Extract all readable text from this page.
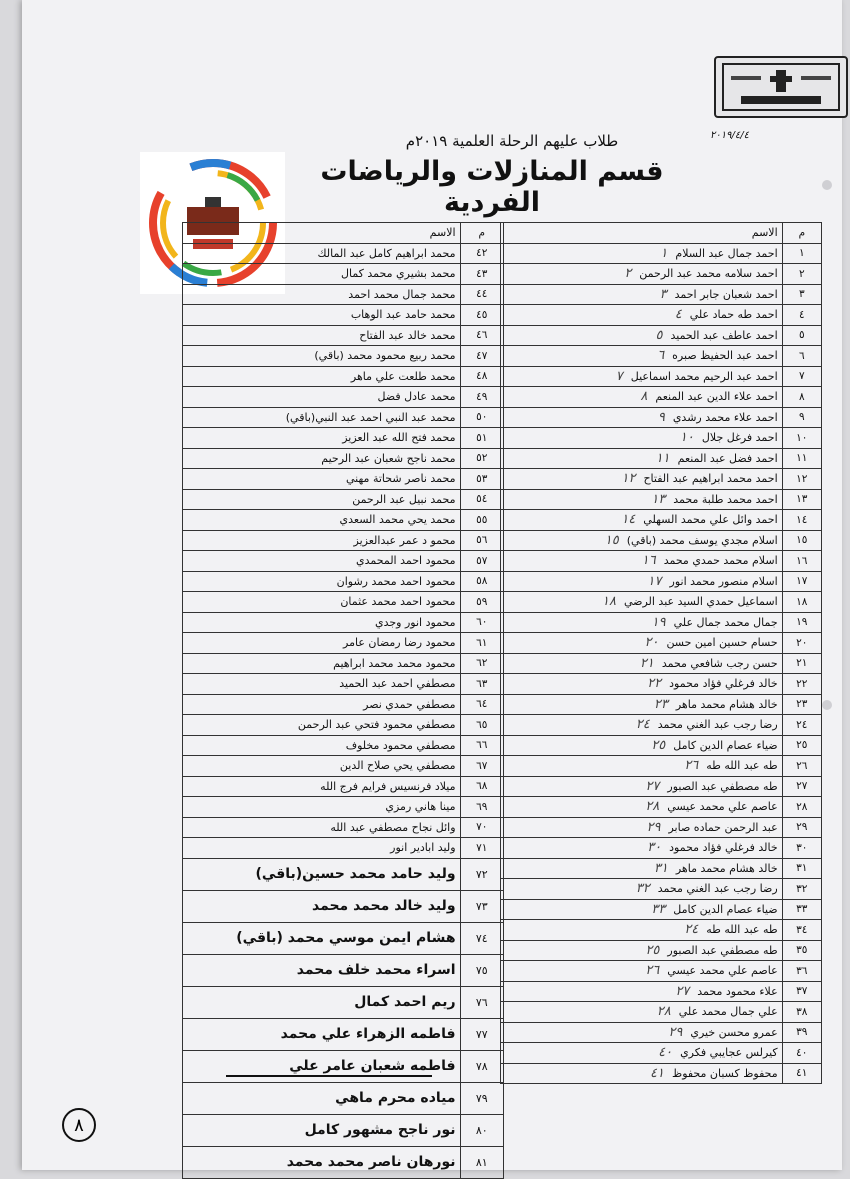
٢٠١٩/٤/٤
طلاب عليهم الرحلة العلمية ٢٠١٩م
قسم المنازلات والرياضات الفردية
م	الاسم
١	احمد جمال عبد السلام١
٢	احمد سلامه محمد عبد الرحمن٢
٣	احمد شعبان جابر احمد٣
٤	احمد طه حماد علي٤
٥	احمد عاطف عبد الحميد٥
٦	احمد عبد الحفيظ صبره٦
٧	احمد عبد الرحيم محمد اسماعيل٧
٨	احمد علاء الدين عبد المنعم٨
٩	احمد علاء محمد رشدي٩
١٠	احمد فرغل جلال١٠
١١	احمد فضل عبد المنعم١١
١٢	احمد محمد ابراهيم عبد الفتاح١٢
١٣	احمد محمد طلبة محمد١٣
١٤	احمد وائل علي محمد السهلي١٤
١٥	اسلام مجدي يوسف محمد (باقي)١٥
١٦	اسلام محمد حمدي محمد١٦
١٧	اسلام منصور محمد انور١٧
١٨	اسماعيل حمدي السيد عبد الرضي١٨
١٩	جمال محمد جمال علي١٩
٢٠	حسام حسين امين حسن٢٠
٢١	حسن رجب شافعي محمد٢١
٢٢	خالد فرغلي فؤاد محمود٢٢
٢٣	خالد هشام محمد ماهر٢٣
٢٤	رضا رجب عبد الغني محمد٢٤
٢٥	ضياء عصام الدين كامل٢٥
٢٦	طه عبد الله طه٢٦
٢٧	طه مصطفي عبد الصبور٢٧
٢٨	عاصم علي محمد عيسي٢٨
٢٩	عبد الرحمن حماده صابر٢٩
٣٠	خالد فرغلي فؤاد محمود٣٠
٣١	خالد هشام محمد ماهر٣١
٣٢	رضا رجب عبد الغني محمد٣٢
٣٣	ضياء عصام الدين كامل٣٣
٣٤	طه عبد الله طه٢٤
٣٥	طه مصطفي عبد الصبور٢٥
٣٦	عاصم علي محمد عيسي٢٦
٣٧	علاء محمود محمد٢٧
٣٨	علي جمال محمد علي٢٨
٣٩	عمرو محسن خيري٢٩
٤٠	كيرلس عجايبي فكري٤٠
٤١	محفوظ كسبان محفوظ٤١
م	الاسم
٤٢	محمد ابراهيم كامل عبد المالك
٤٣	محمد بشيري محمد كمال
٤٤	محمد جمال محمد احمد
٤٥	محمد حامد عبد الوهاب
٤٦	محمد خالد عبد الفتاح
٤٧	محمد ربيع محمود محمد (باقي)
٤٨	محمد طلعت علي ماهر
٤٩	محمد عادل فضل
٥٠	محمد عبد النبي احمد عبد النبي(باقي)
٥١	محمد فتح الله عبد العزيز
٥٢	محمد ناجح شعبان عبد الرحيم
٥٣	محمد ناصر شحاتة مهني
٥٤	محمد نبيل عبد الرحمن
٥٥	محمد يحي محمد السعدي
٥٦	محمو د عمر عبدالعزيز
٥٧	محمود احمد المحمدي
٥٨	محمود احمد محمد رشوان
٥٩	محمود احمد محمد عثمان
٦٠	محمود انور وجدي
٦١	محمود رضا رمضان عامر
٦٢	محمود محمد محمد ابراهيم
٦٣	مصطفي احمد عبد الحميد
٦٤	مصطفي حمدي نصر
٦٥	مصطفي محمود فتحي عبد الرحمن
٦٦	مصطفي محمود مخلوف
٦٧	مصطفي يحي صلاح الدين
٦٨	ميلاد فرنسيس فرايم فرج الله
٦٩	مينا هاني رمزي
٧٠	وائل نجاح مصطفي عبد الله
٧١	وليد ابادير انور
٧٢	وليد حامد محمد حسين(باقي)
٧٣	وليد خالد محمد محمد
٧٤	هشام ايمن موسي محمد (باقي)
٧٥	اسراء محمد خلف محمد
٧٦	ريم احمد كمال
٧٧	فاطمه الزهراء علي محمد
٧٨	فاطمه شعبان عامر علي
٧٩	مياده محرم ماهي
٨٠	نور ناجح مشهور كامل
٨١	نورهان ناصر محمد محمد
٨
